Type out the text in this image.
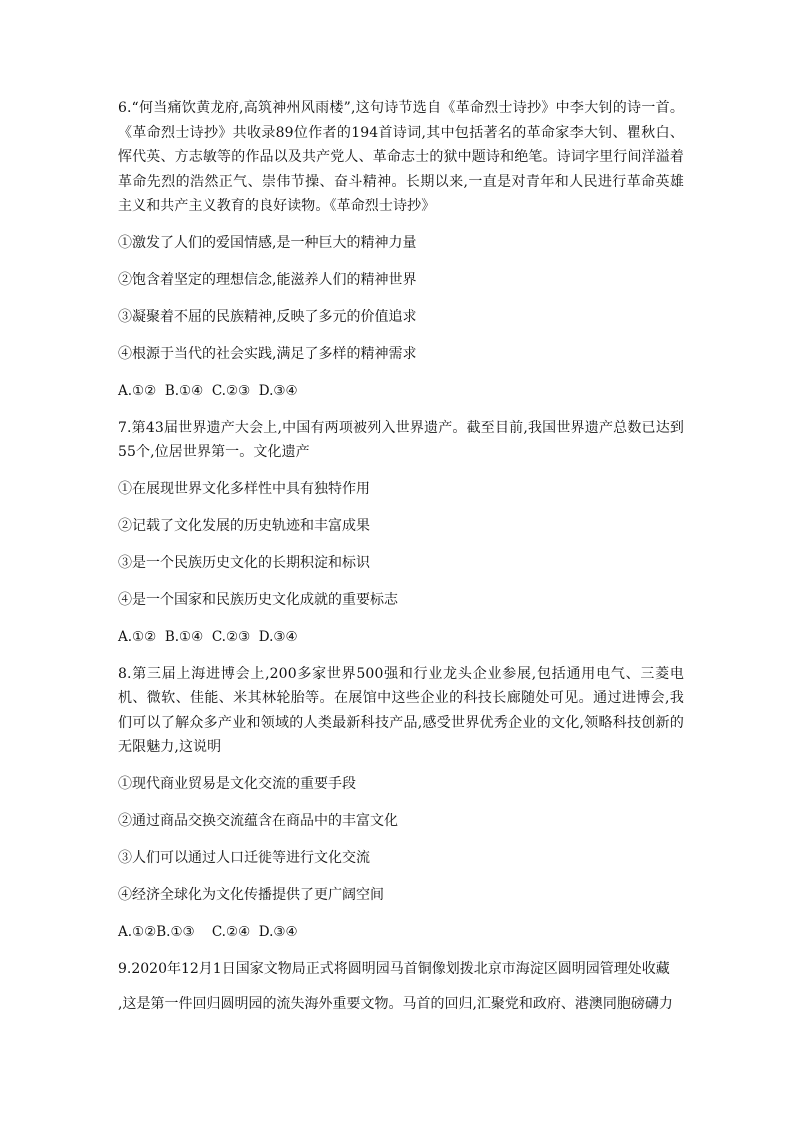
6.“何当痛饮黄龙府,高筑神州风雨楼”,这句诗节选自《革命烈士诗抄》中李大钊的诗一首。《革命烈士诗抄》共收录89位作者的194首诗词,其中包括著名的革命家李大钊、瞿秋白、恽代英、方志敏等的作品以及共产党人、革命志士的狱中题诗和绝笔。诗词字里行间洋溢着革命先烈的浩然正气、崇伟节操、奋斗精神。长期以来,一直是对青年和人民进行革命英雄主义和共产主义教育的良好读物。《革命烈士诗抄》

①激发了人们的爱国情感,是一种巨大的精神力量

②饱含着坚定的理想信念,能滋养人们的精神世界

③凝聚着不屈的民族精神,反映了多元的价值追求

④根源于当代的社会实践,满足了多样的精神需求

A.①②  B.①④  C.②③  D.③④

7.第43届世界遗产大会上,中国有两项被列入世界遗产。截至目前,我国世界遗产总数已达到55个,位居世界第一。文化遗产

①在展现世界文化多样性中具有独特作用

②记载了文化发展的历史轨迹和丰富成果

③是一个民族历史文化的长期积淀和标识

④是一个国家和民族历史文化成就的重要标志

A.①②  B.①④  C.②③  D.③④

8.第三届上海进博会上,200多家世界500强和行业龙头企业参展,包括通用电气、三菱电机、微软、佳能、米其林轮胎等。在展馆中这些企业的科技长廊随处可见。通过进博会,我们可以了解众多产业和领域的人类最新科技产品,感受世界优秀企业的文化,领略科技创新的无限魅力,这说明

①现代商业贸易是文化交流的重要手段

②通过商品交换交流蕴含在商品中的丰富文化

③人们可以通过人口迁徙等进行文化交流

④经济全球化为文化传播提供了更广阔空间

A.①②B.①③    C.②④  D.③④

9.2020年12月1日国家文物局正式将圆明园马首铜像划拨北京市海淀区圆明园管理处收藏

,这是第一件回归圆明园的流失海外重要文物。马首的回归,汇聚党和政府、港澳同胞磅礴力
